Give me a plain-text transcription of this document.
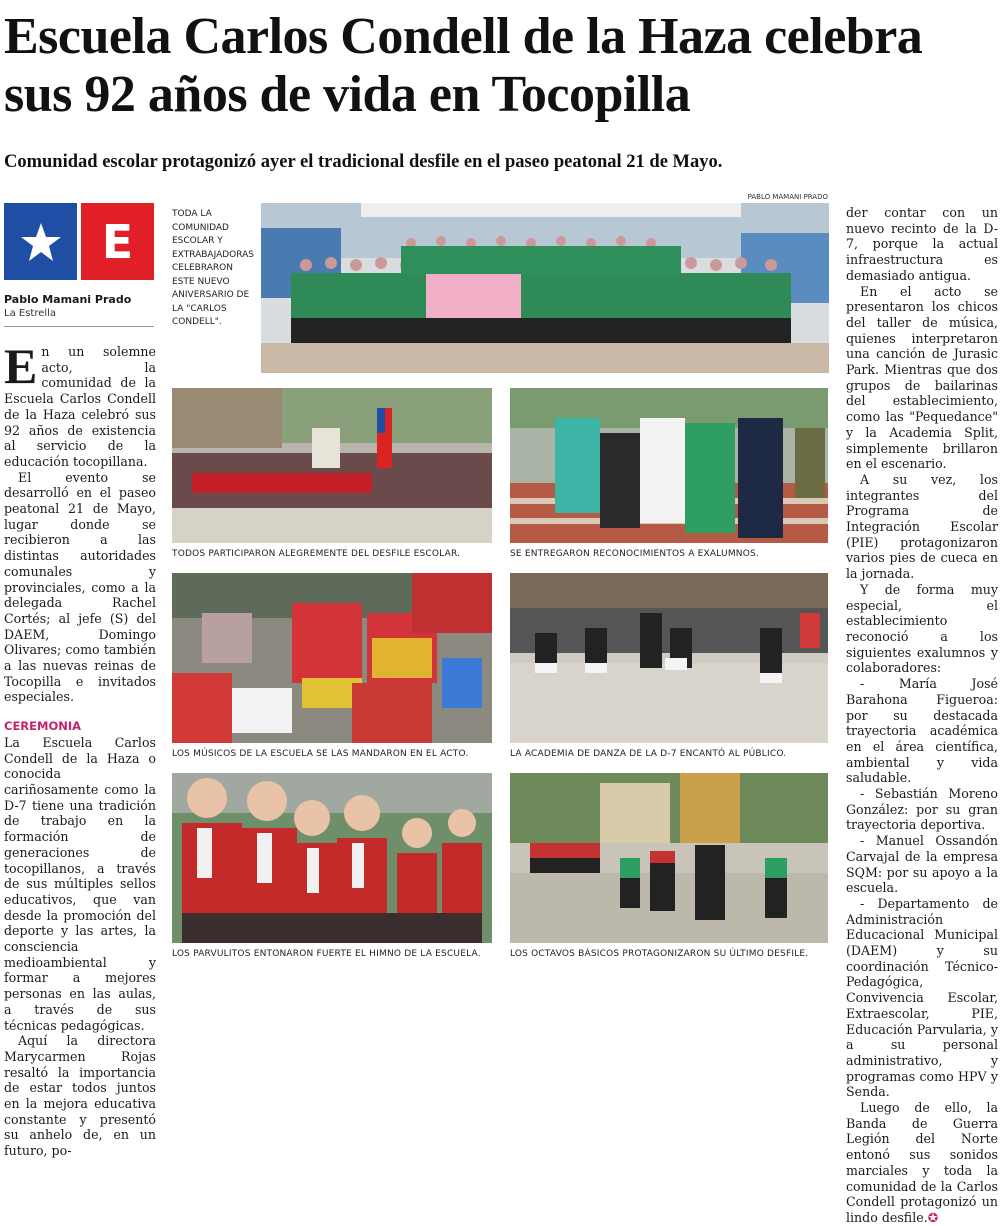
Escuela Carlos Condell de la Haza celebra sus 92 años de vida en Tocopilla
Comunidad escolar protagonizó ayer el tradicional desfile en el paseo peatonal 21 de Mayo.
E
Pablo Mamani Prado
La Estrella

En un solemne acto, la comunidad de la Escuela Carlos Condell de la Haza celebró sus 92 años de existencia al servicio de la educación tocopillana.

El evento se desarrolló en el paseo peatonal 21 de Mayo, lugar donde se recibieron a las distintas autoridades comunales y provinciales, como a la delegada Rachel Cortés; al jefe (S) del DAEM, Domingo Olivares; como también a las nuevas reinas de Tocopilla e invitados especiales.

CEREMONIA

La Escuela Carlos Condell de la Haza o conocida cariñosamente como la D-7 tiene una tradición de trabajo en la formación de generaciones de tocopillanos, a través de sus múltiples sellos educativos, que van desde la promoción del deporte y las artes, la consciencia medioambiental y formar a mejores personas en las aulas, a través de sus técnicas pedagógicas.

Aquí la directora Marycarmen Rojas resaltó la importancia de estar todos juntos en la mejora educativa constante y presentó su anhelo de, en un futuro, po-

PABLO MAMANI PRADO
TODA LA COMUNIDAD ESCOLAR Y EXTRABAJADORAS CELEBRARON ESTE NUEVO ANIVERSARIO DE LA "CARLOS CONDELL".
TODOS PARTICIPARON ALEGREMENTE DEL DESFILE ESCOLAR.	SE ENTREGARON RECONOCIMIENTOS A EXALUMNOS.
LOS MÚSICOS DE LA ESCUELA SE LAS MANDARON EN EL ACTO.	LA ACADEMIA DE DANZA DE LA D-7 ENCANTÓ AL PÚBLICO.
LOS PARVULITOS ENTONARON FUERTE EL HIMNO DE LA ESCUELA.	LOS OCTAVOS BÁSICOS PROTAGONIZARON SU ÚLTIMO DESFILE.

der contar con un nuevo recinto de la D-7, porque la actual infraestructura es demasiado antigua.

En el acto se presentaron los chicos del taller de música, quienes interpretaron una canción de Jurasic Park. Mientras que dos grupos de bailarinas del establecimiento, como las "Pequedance" y la Academia Split, simplemente brillaron en el escenario.

A su vez, los integrantes del Programa de Integración Escolar (PIE) protagonizaron varios pies de cueca en la jornada.

Y de forma muy especial, el establecimiento reconoció a los siguientes exalumnos y colaboradores:

- María José Barahona Figueroa: por su destacada trayectoria académica en el área científica, ambiental y vida saludable.

- Sebastián Moreno González: por su gran trayectoria deportiva.

- Manuel Ossandón Carvajal de la empresa SQM: por su apoyo a la escuela.

- Departamento de Administración Educacional Municipal (DAEM) y su coordinación Técnico-Pedagógica, Convivencia Escolar, Extraescolar, PIE, Educación Parvularia, y a su personal administrativo, y programas como HPV y Senda.

Luego de ello, la Banda de Guerra Legión del Norte entonó sus sonidos marciales y toda la comunidad de la Carlos Condell protagonizó un lindo desfile.✪
